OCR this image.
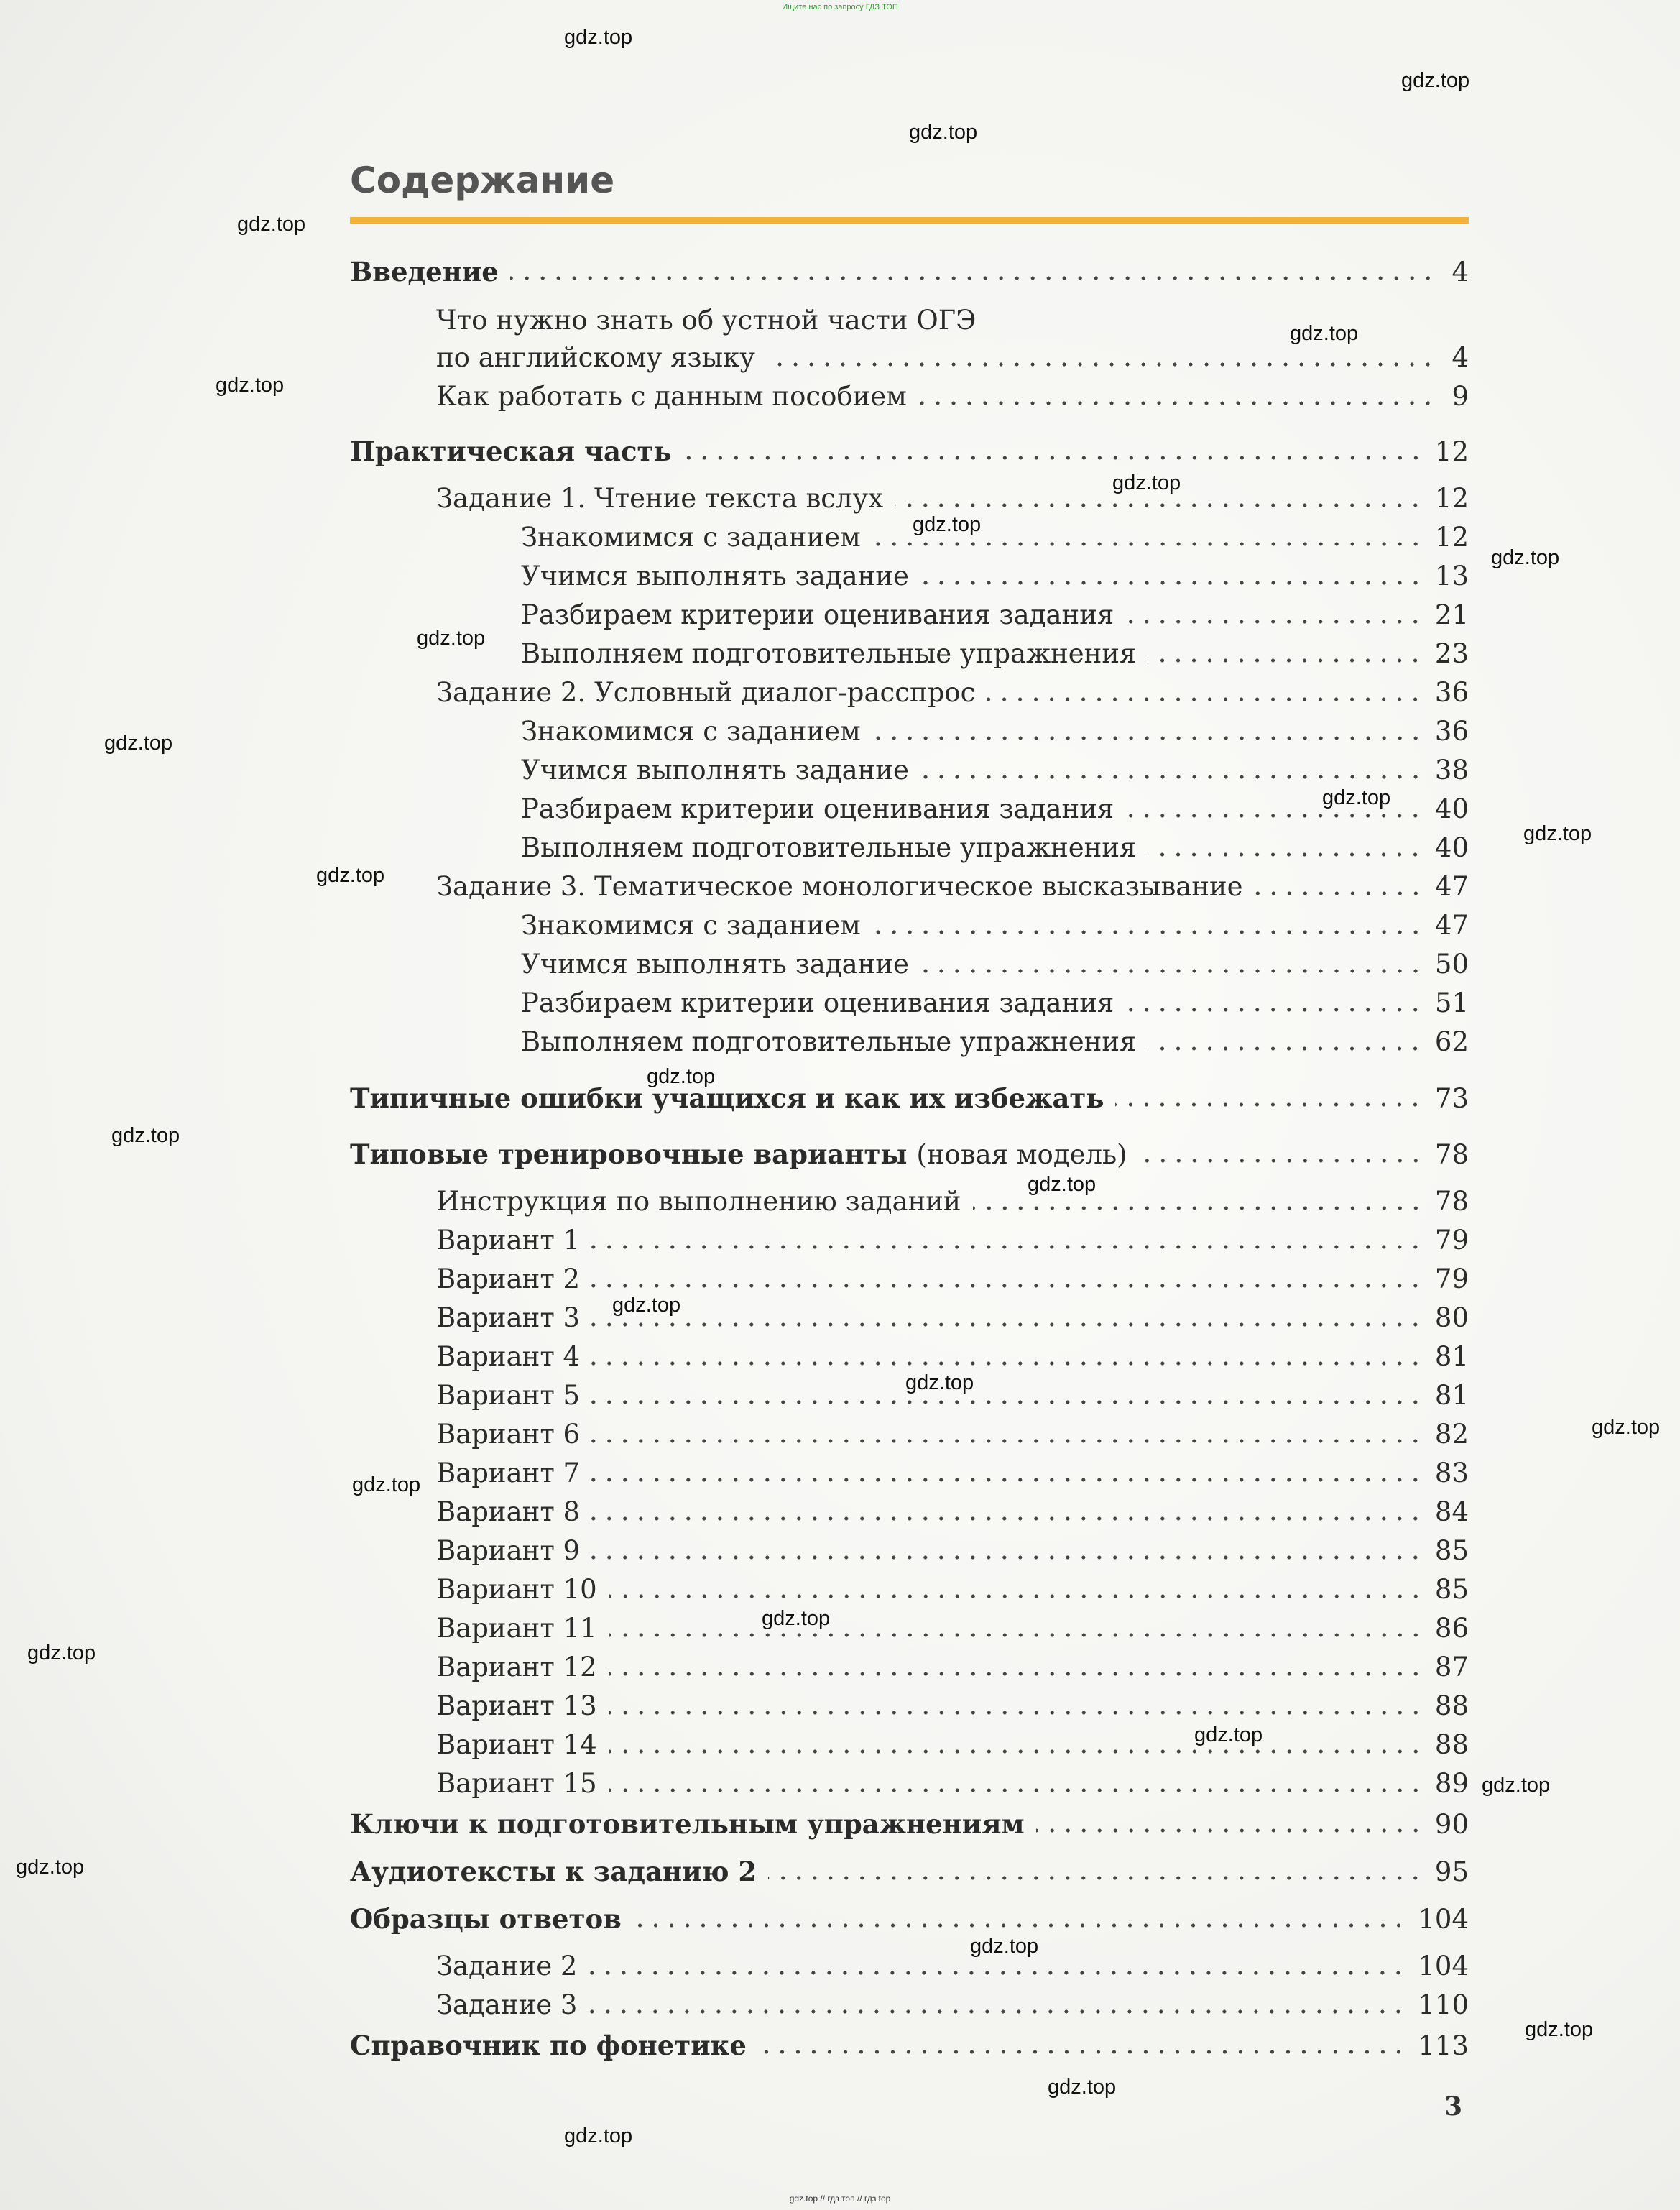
Ищите нас по запросу ГДЗ ТОП
Содержание
Введение	4
Что нужно знать об устной части ОГЭ
по английскому языку	4
Как работать с данным пособием	9
Практическая часть	12
Задание 1. Чтение текста вслух	12
Знакомимся с заданием	12
Учимся выполнять задание	13
Разбираем критерии оценивания задания	21
Выполняем подготовительные упражнения	23
Задание 2. Условный диалог-расспрос	36
Знакомимся с заданием	36
Учимся выполнять задание	38
Разбираем критерии оценивания задания	40
Выполняем подготовительные упражнения	40
Задание 3. Тематическое монологическое высказывание	47
Знакомимся с заданием	47
Учимся выполнять задание	50
Разбираем критерии оценивания задания	51
Выполняем подготовительные упражнения	62
Типичные ошибки учащихся и как их избежать	73
Типовые тренировочные варианты (новая модель)	78
Инструкция по выполнению заданий	78
Вариант 1	79
Вариант 2	79
Вариант 3	80
Вариант 4	81
Вариант 5	81
Вариант 6	82
Вариант 7	83
Вариант 8	84
Вариант 9	85
Вариант 10	85
Вариант 11	86
Вариант 12	87
Вариант 13	88
Вариант 14	88
Вариант 15	89
Ключи к подготовительным упражнениям	90
Аудиотексты к заданию 2	95
Образцы ответов	104
Задание 2	104
Задание 3	110
Справочник по фонетике	113
3
gdz.top
gdz.top
gdz.top
gdz.top
gdz.top
gdz.top
gdz.top
gdz.top
gdz.top
gdz.top
gdz.top
gdz.top
gdz.top
gdz.top
gdz.top
gdz.top
gdz.top
gdz.top
gdz.top
gdz.top
gdz.top
gdz.top
gdz.top
gdz.top
gdz.top
gdz.top
gdz.top
gdz.top
gdz.top
gdz.top
gdz.top // гдз топ // гдз top
